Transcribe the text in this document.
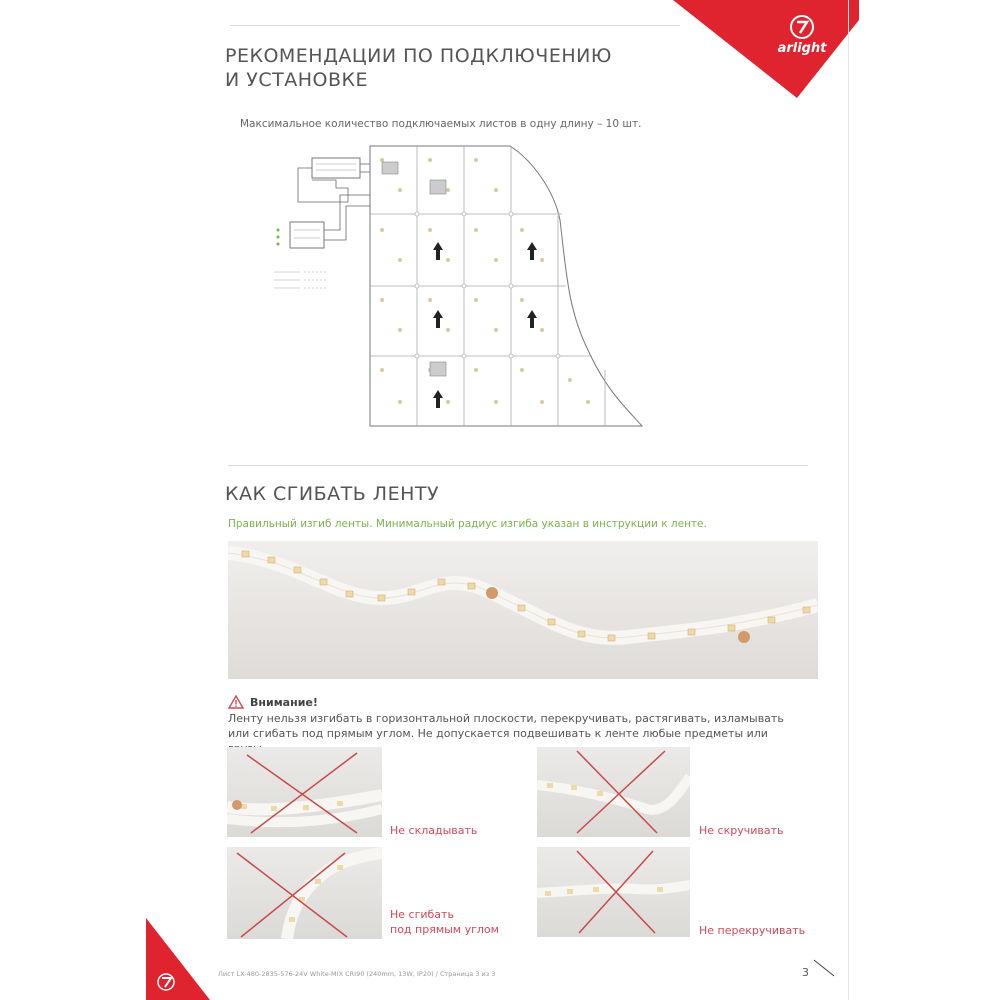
arlight
РЕКОМЕНДАЦИИ ПО ПОДКЛЮЧЕНИЮ
И УСТАНОВКЕ
Максимальное количество подключаемых листов в одну длину – 10 шт.
КАК СГИБАТЬ ЛЕНТУ
Правильный изгиб ленты. Минимальный радиус изгиба указан в инструкции к ленте.
Внимание!
Ленту нельзя изгибать в горизонтальной плоскости, перекручивать, растягивать, изламывать
или сгибать под прямым углом. Не допускается подвешивать к ленте любые предметы или
Не складывать	Не скручивать
Не сгибать
под прямым углом	Не перекручивать
Лист LX-480-2835-576-24V White-MIX CRI90 (240mm, 13W, IP20) / Страница 3 из 3	3
